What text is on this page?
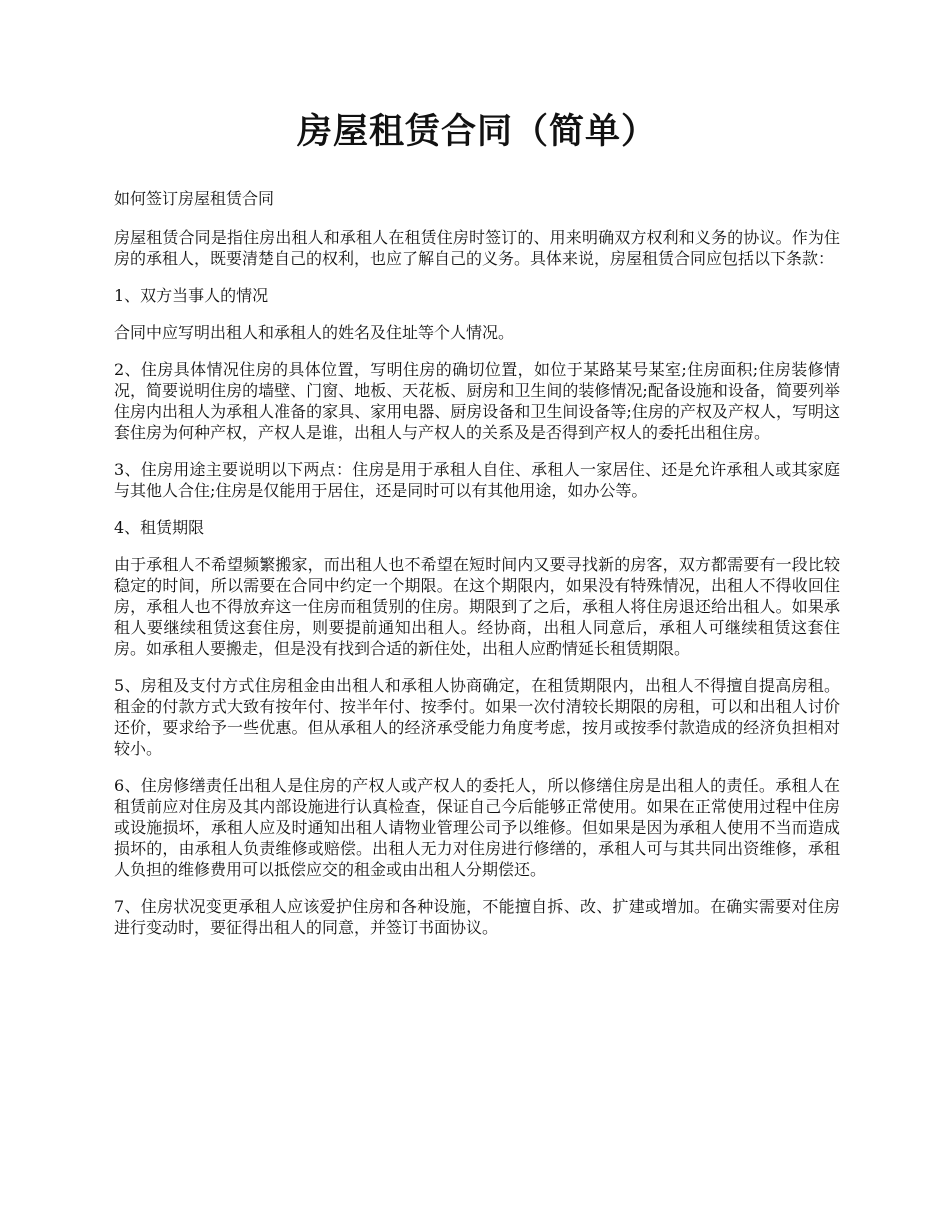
房屋租赁合同（简单）

如何签订房屋租赁合同

房屋租赁合同是指住房出租人和承租人在租赁住房时签订的、用来明确双方权利和义务的协议。作为住房的承租人，既要清楚自己的权利，也应了解自己的义务。具体来说，房屋租赁合同应包括以下条款：

1、双方当事人的情况

合同中应写明出租人和承租人的姓名及住址等个人情况。

2、住房具体情况住房的具体位置，写明住房的确切位置，如位于某路某号某室;住房面积;住房装修情况，简要说明住房的墙壁、门窗、地板、天花板、厨房和卫生间的装修情况;配备设施和设备，简要列举住房内出租人为承租人准备的家具、家用电器、厨房设备和卫生间设备等;住房的产权及产权人，写明这套住房为何种产权，产权人是谁，出租人与产权人的关系及是否得到产权人的委托出租住房。

3、住房用途主要说明以下两点：住房是用于承租人自住、承租人一家居住、还是允许承租人或其家庭与其他人合住;住房是仅能用于居住，还是同时可以有其他用途，如办公等。

4、租赁期限

由于承租人不希望频繁搬家，而出租人也不希望在短时间内又要寻找新的房客，双方都需要有一段比较稳定的时间，所以需要在合同中约定一个期限。在这个期限内，如果没有特殊情况，出租人不得收回住房，承租人也不得放弃这一住房而租赁别的住房。期限到了之后，承租人将住房退还给出租人。如果承租人要继续租赁这套住房，则要提前通知出租人。经协商，出租人同意后，承租人可继续租赁这套住房。如承租人要搬走，但是没有找到合适的新住处，出租人应酌情延长租赁期限。

5、房租及支付方式住房租金由出租人和承租人协商确定，在租赁期限内，出租人不得擅自提高房租。租金的付款方式大致有按年付、按半年付、按季付。如果一次付清较长期限的房租，可以和出租人讨价还价，要求给予一些优惠。但从承租人的经济承受能力角度考虑，按月或按季付款造成的经济负担相对较小。

6、住房修缮责任出租人是住房的产权人或产权人的委托人，所以修缮住房是出租人的责任。承租人在租赁前应对住房及其内部设施进行认真检查，保证自己今后能够正常使用。如果在正常使用过程中住房或设施损坏，承租人应及时通知出租人请物业管理公司予以维修。但如果是因为承租人使用不当而造成损坏的，由承租人负责维修或赔偿。出租人无力对住房进行修缮的，承租人可与其共同出资维修，承租人负担的维修费用可以抵偿应交的租金或由出租人分期偿还。

7、住房状况变更承租人应该爱护住房和各种设施，不能擅自拆、改、扩建或增加。在确实需要对住房进行变动时，要征得出租人的同意，并签订书面协议。
